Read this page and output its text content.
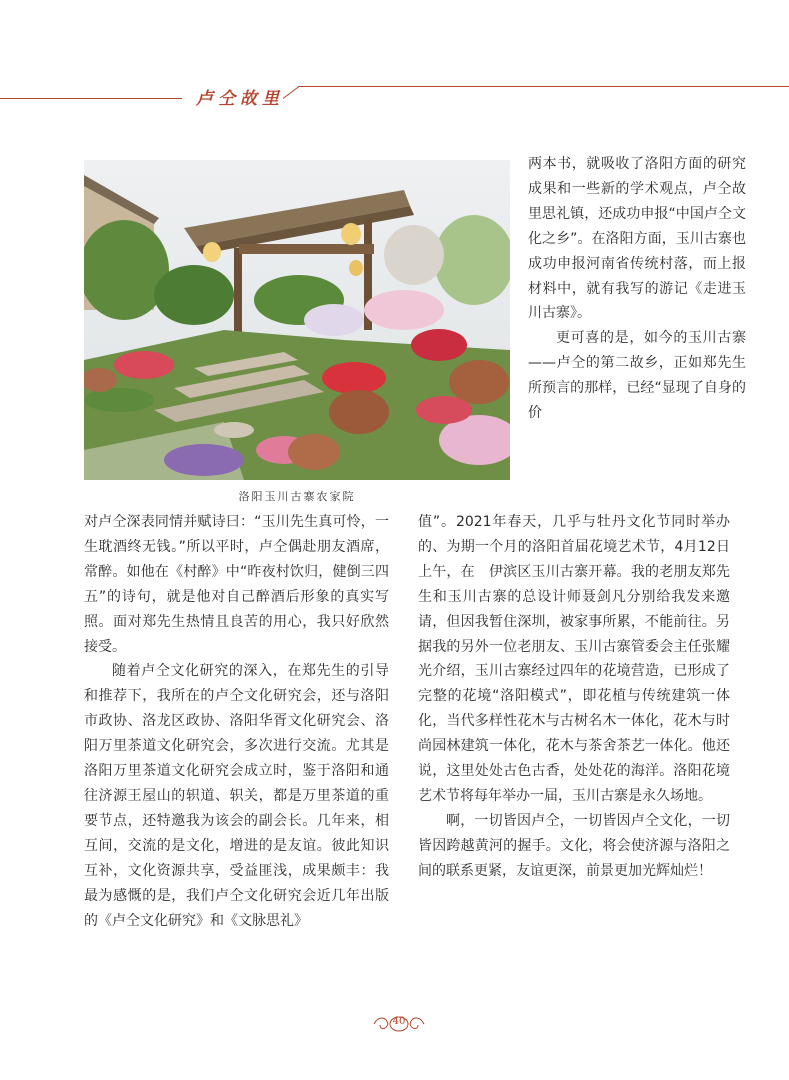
卢仝故里
洛阳玉川古寨农家院

两本书，就吸收了洛阳方面的研究成果和一些新的学术观点，卢仝故里思礼镇，还成功申报“中国卢仝文化之乡”。在洛阳方面，玉川古寨也成功申报河南省传统村落，而上报材料中，就有我写的游记《走进玉川古寨》。

更可喜的是，如今的玉川古寨——卢仝的第二故乡，正如郑先生所预言的那样，已经“显现了自身的价

对卢仝深表同情并赋诗曰：“玉川先生真可怜，一生耽酒终无钱。”所以平时，卢仝偶赴朋友酒席，常醉。如他在《村醉》中“昨夜村饮归，健倒三四五”的诗句，就是他对自己醉酒后形象的真实写照。面对郑先生热情且良苦的用心，我只好欣然接受。

随着卢仝文化研究的深入，在郑先生的引导和推荐下，我所在的卢仝文化研究会，还与洛阳市政协、洛龙区政协、洛阳华胥文化研究会、洛阳万里茶道文化研究会，多次进行交流。尤其是洛阳万里茶道文化研究会成立时，鉴于洛阳和通往济源王屋山的轵道、轵关，都是万里茶道的重要节点，还特邀我为该会的副会长。几年来，相互间，交流的是文化，增进的是友谊。彼此知识互补，文化资源共享，受益匪浅，成果颇丰：我最为感慨的是，我们卢仝文化研究会近几年出版的《卢仝文化研究》和《文脉思礼》

值”。2021年春天，几乎与牡丹文化节同时举办的、为期一个月的洛阳首届花境艺术节，4月12日上午，在　伊滨区玉川古寨开幕。我的老朋友郑先生和玉川古寨的总设计师聂剑凡分别给我发来邀请，但因我暂住深圳，被家事所累，不能前往。另据我的另外一位老朋友、玉川古寨管委会主任张耀光介绍，玉川古寨经过四年的花境营造，已形成了完整的花境“洛阳模式”，即花植与传统建筑一体化，当代多样性花木与古树名木一体化，花木与时尚园林建筑一体化，花木与茶舍茶艺一体化。他还说，这里处处古色古香，处处花的海洋。洛阳花境艺术节将每年举办一届，玉川古寨是永久场地。

啊，一切皆因卢仝，一切皆因卢仝文化，一切皆因跨越黄河的握手。文化，将会使济源与洛阳之间的联系更紧，友谊更深，前景更加光辉灿烂！

40
